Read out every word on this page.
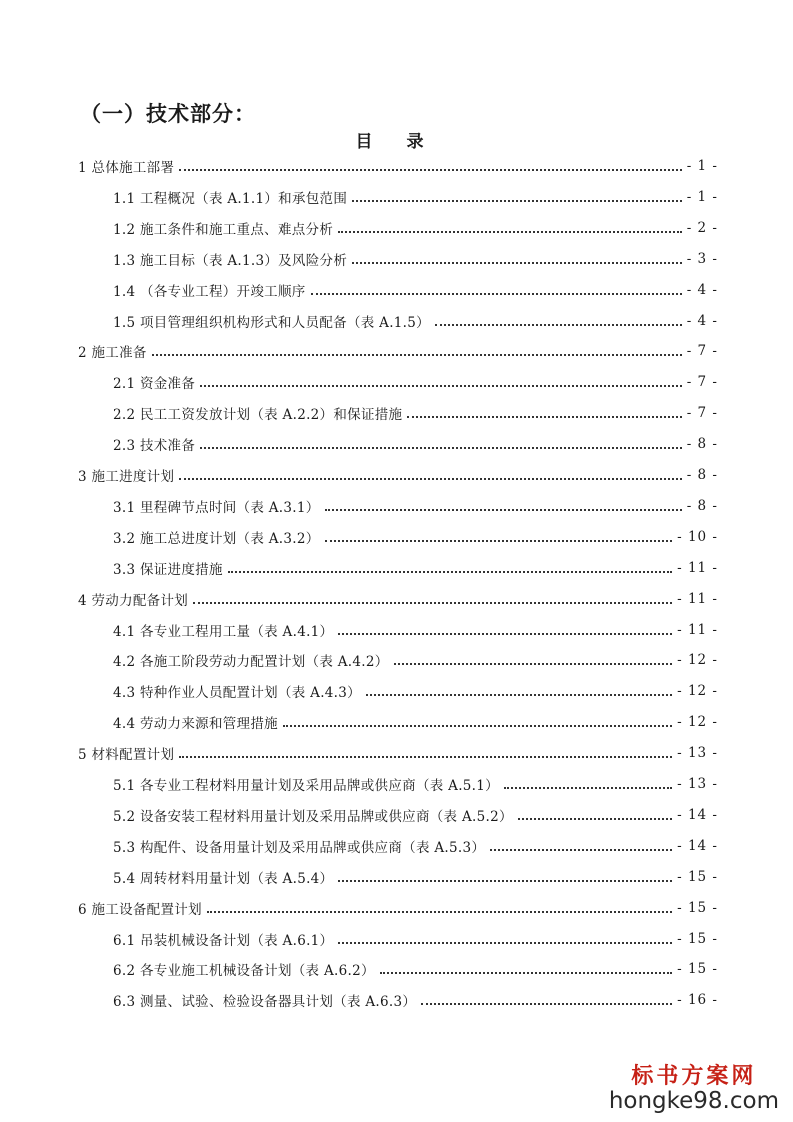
（一）技术部分：
目 录
1 总体施工部署	- 1 -
1.1 工程概况（表 A.1.1）和承包范围	- 1 -
1.2 施工条件和施工重点、难点分析	- 2 -
1.3 施工目标（表 A.1.3）及风险分析	- 3 -
1.4 （各专业工程）开竣工顺序	- 4 -
1.5 项目管理组织机构形式和人员配备（表 A.1.5）	- 4 -
2 施工准备	- 7 -
2.1 资金准备	- 7 -
2.2 民工工资发放计划（表 A.2.2）和保证措施	- 7 -
2.3 技术准备	- 8 -
3 施工进度计划	- 8 -
3.1 里程碑节点时间（表 A.3.1）	- 8 -
3.2 施工总进度计划（表 A.3.2）	- 10 -
3.3 保证进度措施	- 11 -
4 劳动力配备计划	- 11 -
4.1 各专业工程用工量（表 A.4.1）	- 11 -
4.2 各施工阶段劳动力配置计划（表 A.4.2）	- 12 -
4.3 特种作业人员配置计划（表 A.4.3）	- 12 -
4.4 劳动力来源和管理措施	- 12 -
5 材料配置计划	- 13 -
5.1 各专业工程材料用量计划及采用品牌或供应商（表 A.5.1）	- 13 -
5.2 设备安装工程材料用量计划及采用品牌或供应商（表 A.5.2）	- 14 -
5.3 构配件、设备用量计划及采用品牌或供应商（表 A.5.3）	- 14 -
5.4 周转材料用量计划（表 A.5.4）	- 15 -
6 施工设备配置计划	- 15 -
6.1 吊装机械设备计划（表 A.6.1）	- 15 -
6.2 各专业施工机械设备计划（表 A.6.2）	- 15 -
6.3 测量、试验、检验设备器具计划（表 A.6.3）	- 16 -
标书方案网
hongke98.com
